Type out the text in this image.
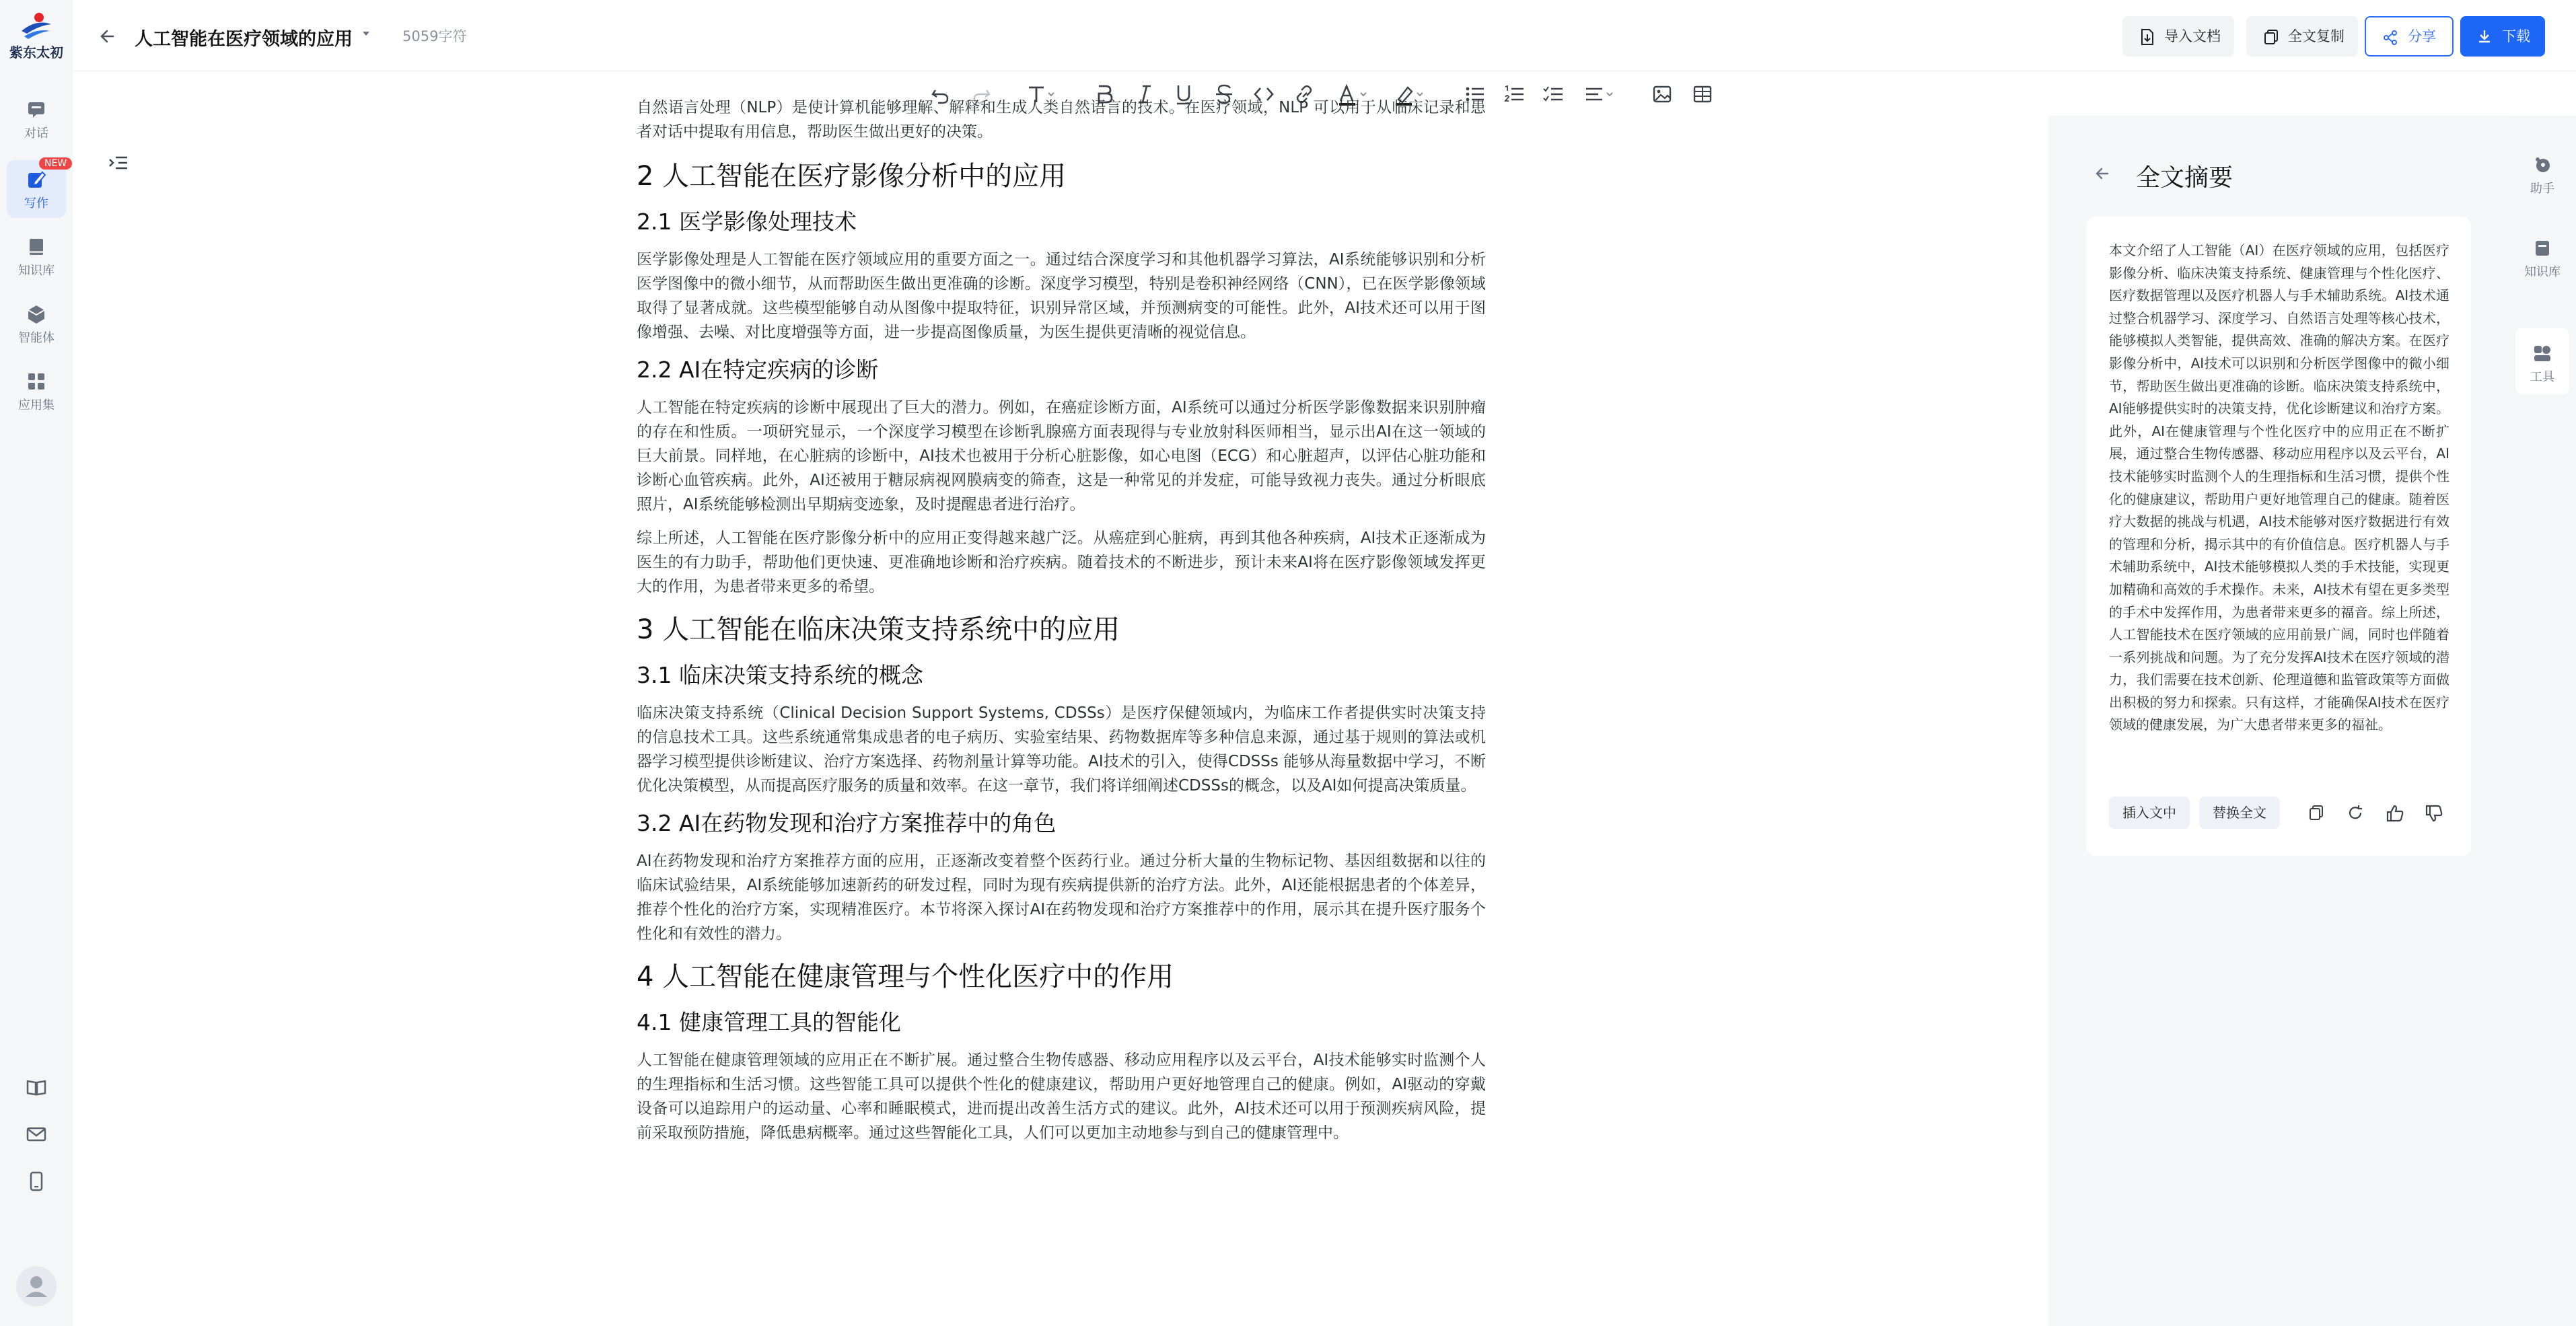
紫东太初
对话
NEW
写作
知识库
智能体
应用集
人工智能在医疗领域的应用	5059字符	导入文档	全文复制	分享	下载

自然语言处理（NLP）是使计算机能够理解、解释和生成人类自然语言的技术。在医疗领域，NLP 可以用于从临床记录和患者对话中提取有用信息，帮助医生做出更好的决策。

2 人工智能在医疗影像分析中的应用
2.1 医学影像处理技术

医学影像处理是人工智能在医疗领域应用的重要方面之一。通过结合深度学习和其他机器学习算法，AI系统能够识别和分析医学图像中的微小细节，从而帮助医生做出更准确的诊断。深度学习模型，特别是卷积神经网络（CNN），已在医学影像领域取得了显著成就。这些模型能够自动从图像中提取特征，识别异常区域，并预测病变的可能性。此外，AI技术还可以用于图像增强、去噪、对比度增强等方面，进一步提高图像质量，为医生提供更清晰的视觉信息。

2.2 AI在特定疾病的诊断

人工智能在特定疾病的诊断中展现出了巨大的潜力。例如，在癌症诊断方面，AI系统可以通过分析医学影像数据来识别肿瘤的存在和性质。一项研究显示，一个深度学习模型在诊断乳腺癌方面表现得与专业放射科医师相当，显示出AI在这一领域的巨大前景。同样地，在心脏病的诊断中，AI技术也被用于分析心脏影像，如心电图（ECG）和心脏超声，以评估心脏功能和诊断心血管疾病。此外，AI还被用于糖尿病视网膜病变的筛查，这是一种常见的并发症，可能导致视力丧失。通过分析眼底照片，AI系统能够检测出早期病变迹象，及时提醒患者进行治疗。

综上所述，人工智能在医疗影像分析中的应用正变得越来越广泛。从癌症到心脏病，再到其他各种疾病，AI技术正逐渐成为医生的有力助手，帮助他们更快速、更准确地诊断和治疗疾病。随着技术的不断进步，预计未来AI将在医疗影像领域发挥更大的作用，为患者带来更多的希望。

3 人工智能在临床决策支持系统中的应用
3.1 临床决策支持系统的概念

临床决策支持系统（Clinical Decision Support Systems, CDSSs）是医疗保健领域内，为临床工作者提供实时决策支持的信息技术工具。这些系统通常集成患者的电子病历、实验室结果、药物数据库等多种信息来源，通过基于规则的算法或机器学习模型提供诊断建议、治疗方案选择、药物剂量计算等功能。AI技术的引入，使得CDSSs 能够从海量数据中学习，不断优化决策模型，从而提高医疗服务的质量和效率。在这一章节，我们将详细阐述CDSSs的概念，以及AI如何提高决策质量。

3.2 AI在药物发现和治疗方案推荐中的角色

AI在药物发现和治疗方案推荐方面的应用，正逐渐改变着整个医药行业。通过分析大量的生物标记物、基因组数据和以往的临床试验结果，AI系统能够加速新药的研发过程，同时为现有疾病提供新的治疗方法。此外，AI还能根据患者的个体差异，推荐个性化的治疗方案，实现精准医疗。本节将深入探讨AI在药物发现和治疗方案推荐中的作用，展示其在提升医疗服务个性化和有效性的潜力。

4 人工智能在健康管理与个性化医疗中的作用
4.1 健康管理工具的智能化

人工智能在健康管理领域的应用正在不断扩展。通过整合生物传感器、移动应用程序以及云平台，AI技术能够实时监测个人的生理指标和生活习惯。这些智能工具可以提供个性化的健康建议，帮助用户更好地管理自己的健康。例如，AI驱动的穿戴设备可以追踪用户的运动量、心率和睡眠模式，进而提出改善生活方式的建议。此外，AI技术还可以用于预测疾病风险，提前采取预防措施，降低患病概率。通过这些智能化工具，人们可以更加主动地参与到自己的健康管理中。

全文摘要
本文介绍了人工智能（AI）在医疗领域的应用，包括医疗影像分析、临床决策支持系统、健康管理与个性化医疗、医疗数据管理以及医疗机器人与手术辅助系统。AI技术通过整合机器学习、深度学习、自然语言处理等核心技术，能够模拟人类智能，提供高效、准确的解决方案。在医疗影像分析中，AI技术可以识别和分析医学图像中的微小细节，帮助医生做出更准确的诊断。临床决策支持系统中，AI能够提供实时的决策支持，优化诊断建议和治疗方案。此外，AI在健康管理与个性化医疗中的应用正在不断扩展，通过整合生物传感器、移动应用程序以及云平台，AI技术能够实时监测个人的生理指标和生活习惯，提供个性化的健康建议，帮助用户更好地管理自己的健康。随着医疗大数据的挑战与机遇，AI技术能够对医疗数据进行有效的管理和分析，揭示其中的有价值信息。医疗机器人与手术辅助系统中，AI技术能够模拟人类的手术技能，实现更加精确和高效的手术操作。未来，AI技术有望在更多类型的手术中发挥作用，为患者带来更多的福音。综上所述，人工智能技术在医疗领域的应用前景广阔，同时也伴随着一系列挑战和问题。为了充分发挥AI技术在医疗领域的潜力，我们需要在技术创新、伦理道德和监管政策等方面做出积极的努力和探索。只有这样，才能确保AI技术在医疗领域的健康发展，为广大患者带来更多的福祉。
插入文中	替换全文
助手
知识库
工具
